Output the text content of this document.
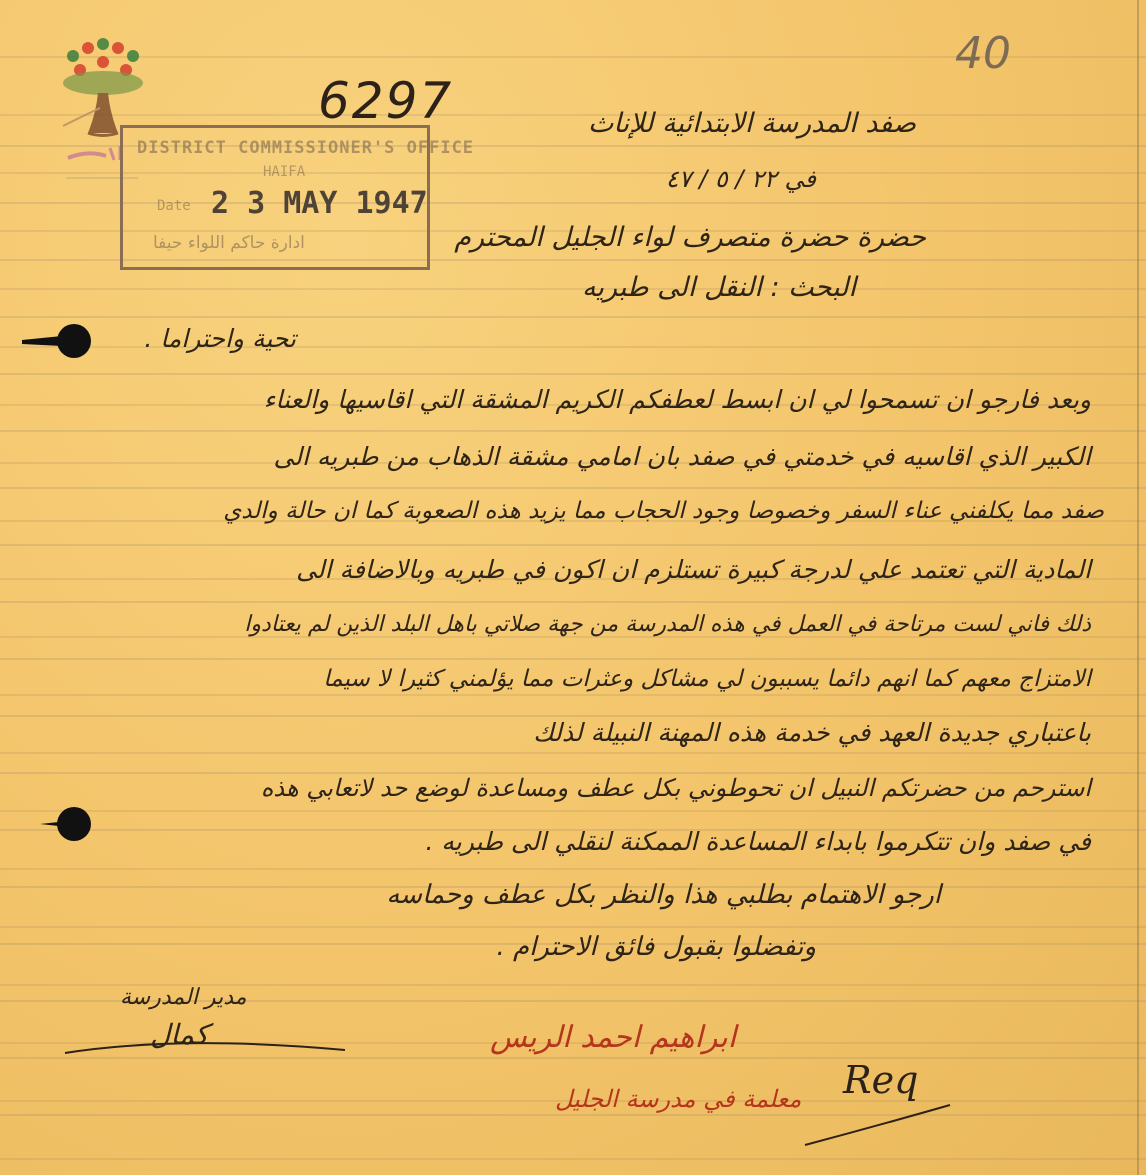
40
6297
DISTRICT COMMISSIONER'S OFFICE
HAIFA
Date 2 3 MAY 1947
ادارة حاكم اللواء حيفا
صفد المدرسة الابتدائية للإناث
في ٢٢ / ٥ / ٤٧
حضرة حضرة متصرف لواء الجليل المحترم
البحث : النقل الى طبريه
تحية واحتراما .
وبعد فارجو ان تسمحوا لي ان ابسط لعطفكم الكريم المشقة التي اقاسيها والعناء
الكبير الذي اقاسيه في خدمتي في صفد بان امامي مشقة الذهاب من طبريه الى
صفد مما يكلفني عناء السفر وخصوصا وجود الحجاب مما يزيد هذه الصعوبة كما ان حالة والدي
المادية التي تعتمد علي لدرجة كبيرة تستلزم ان اكون في طبريه وبالاضافة الى
ذلك فاني لست مرتاحة في العمل في هذه المدرسة من جهة صلاتي باهل البلد الذين لم يعتادوا
الامتزاج معهم كما انهم دائما يسببون لي مشاكل وعثرات مما يؤلمني كثيرا لا سيما
باعتباري جديدة العهد في خدمة هذه المهنة النبيلة لذلك
استرحم من حضرتكم النبيل ان تحوطوني بكل عطف ومساعدة لوضع حد لاتعابي هذه
في صفد وان تتكرموا بابداء المساعدة الممكنة لنقلي الى طبريه .
ارجو الاهتمام بطلبي هذا والنظر بكل عطف وحماسه
وتفضلوا بقبول فائق الاحترام .
مدير المدرسة
كمال	ابراهيم احمد الريس
معلمة في مدرسة الجليل Req
